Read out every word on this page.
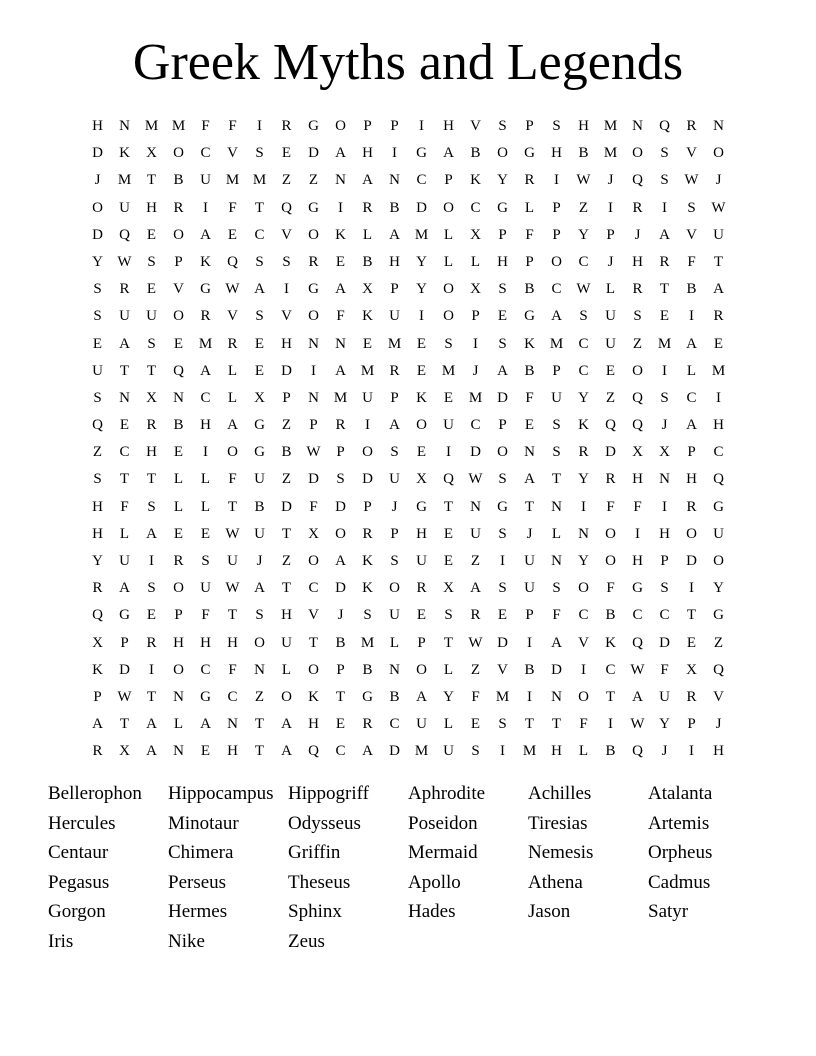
Greek Myths and Legends
H	N M M	F	F	I	R	G	O	P	P	I	H	V	S	P	S	H M N	Q	R	N
D	K	X	O	C	V	S	E	D	A	H	I	G	A	B	O	G	H	B	M O	S	V	O
J	M	T	B	U M M	Z	Z	N	A	N	C	P	K	Y	R	I	W	J	Q	S	W	J
O	U	H	R	I	F	T	Q	G	I	R	B	D	O	C	G	L	P	Z	I	R	I	S	W
D	Q	E	O	A	E	C	V	O	K	L	A M	L	X	P	F	P	Y	P	J	A	V	U
Y W	S	P	K	Q	S	S	R	E	B	H	Y	L	L	H	P	O	C	J	H	R	F	T
S	R	E	V	G W A	I	G	A	X	P	Y	O	X	S	B	C W	L	R	T	B	A
S	U	U	O	R	V	S	V	O	F	K	U	I	O	P	E	G	A	S	U	S	E	I	R
E	A	S	E	M	R	E	H	N	N	E	M	E	S	I	S	K M	C	U	Z	M A	E
U	T	T	Q	A	L	E	D	I	A M	R	E	M	J	A	B	P	C	E	O	I	L	M
S	N	X	N	C	L	X	P	N M U	P	K	E	M D	F	U	Y	Z	Q	S	C	I
Q	E	R	B	H	A	G	Z	P	R	I	A	O	U	C	P	E	S	K	Q	Q	J	A	H
Z	C	H	E	I	O	G	B W	P	O	S	E	I	D	O	N	S	R	D	X	X	P	C
S	T	T	L	L	F	U	Z	D	S	D	U	X	Q W	S	A	T	Y	R	H	N	H	Q
H	F	S	L	L	T	B	D	F	D	P	J	G	T	N	G	T	N	I	F	F	I	R	G
H	L	A	E	E	W U	T	X	O	R	P	H	E	U	S	J	L	N	O	I	H	O	U
Y	U	I	R	S	U	J	Z	O	A	K	S	U	E	Z	I	U	N	Y	O	H	P	D	O
R	A	S	O	U W A	T	C	D	K	O	R	X	A	S	U	S	O	F	G	S	I	Y
Q	G	E	P	F	T	S	H	V	J	S	U	E	S	R	E	P	F	C	B	C	C	T	G
X	P	R	H	H	H	O	U	T	B	M	L	P	T	W D	I	A	V	K	Q	D	E	Z
K	D	I	O	C	F	N	L	O	P	B	N	O	L	Z	V	B	D	I	C W	F	X	Q
P	W	T	N	G	C	Z	O	K	T	G	B	A	Y	F	M	I	N	O	T	A	U	R	V
A	T	A	L	A	N	T	A	H	E	R	C	U	L	E	S	T	T	F	I	W Y	P	J
R	X	A	N	E	H	T	A	Q	C	A	D M U	S	I	M H	L	B	Q	J	I	H
Bellerophon	Hippocampus Hippogriff	Aphrodite	Achilles	Atalanta
Hercules	Minotaur	Odysseus	Poseidon	Tiresias	Artemis
Centaur	Chimera	Griffin	Mermaid	Nemesis	Orpheus
Pegasus	Perseus	Theseus	Apollo	Athena	Cadmus
Gorgon	Hermes	Sphinx	Hades	Jason	Satyr
Iris	Nike	Zeus
